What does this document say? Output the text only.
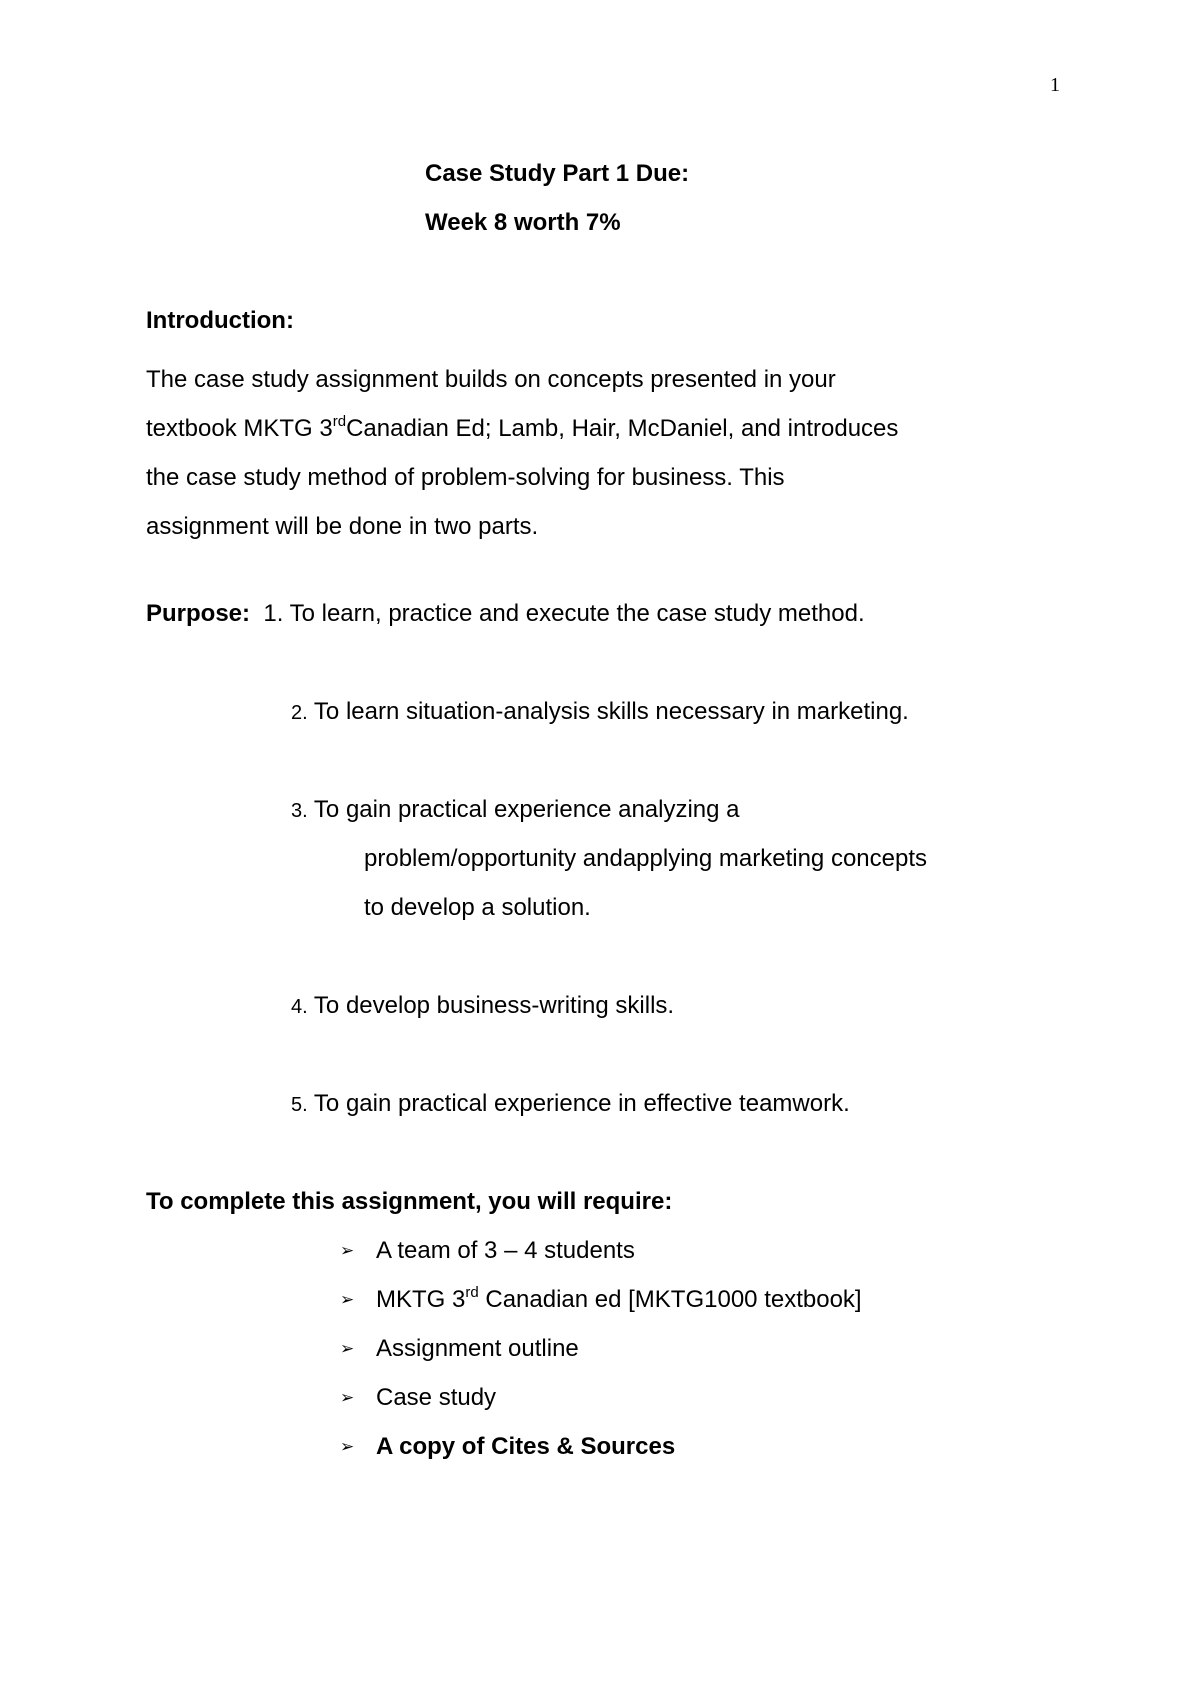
1
Case Study Part 1 Due:
Week 8 worth 7%
Introduction:
The case study assignment builds on concepts presented in your
textbook MKTG 3rdCanadian Ed; Lamb, Hair, McDaniel, and introduces
the case study method of problem-solving for business. This
assignment will be done in two parts.
Purpose: 1. To learn, practice and execute the case study method.
2. To learn situation-analysis skills necessary in marketing.
3. To gain practical experience analyzing a
problem/opportunity andapplying marketing concepts
to develop a solution.
4. To develop business-writing skills.
5. To gain practical experience in effective teamwork.
To complete this assignment, you will require:
➢ A team of 3 – 4 students
➢ MKTG 3rd Canadian ed [MKTG1000 textbook]
➢ Assignment outline
➢ Case study
➢ A copy of Cites & Sources
